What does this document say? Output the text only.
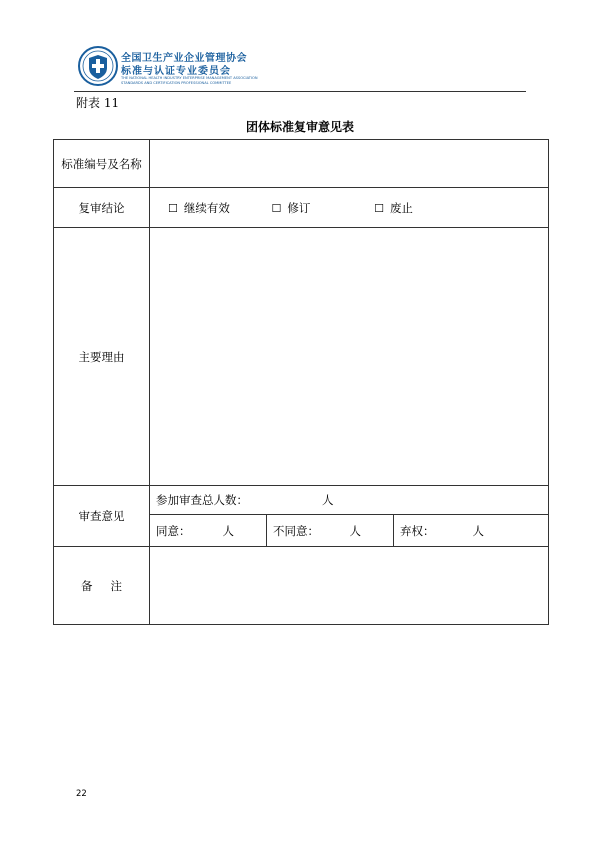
全国卫生产业企业管理协会
标准与认证专业委员会
THE NATIONAL HEALTH INDUSTRY ENTERPRISE MANAGEMENT ASSOCIATION
STANDARDS AND CERTIFICATION PROFESSIONAL COMMITTEE
附表 11
团体标准复审意见表
标准编号及名称			
复审结论	☐ 继续有效 ☐ 修订 ☐ 废止		
主要理由			
审查意见	参加审查总人数： 人		
	同意： 人	不同意： 人	弃权： 人

备 注			
22
